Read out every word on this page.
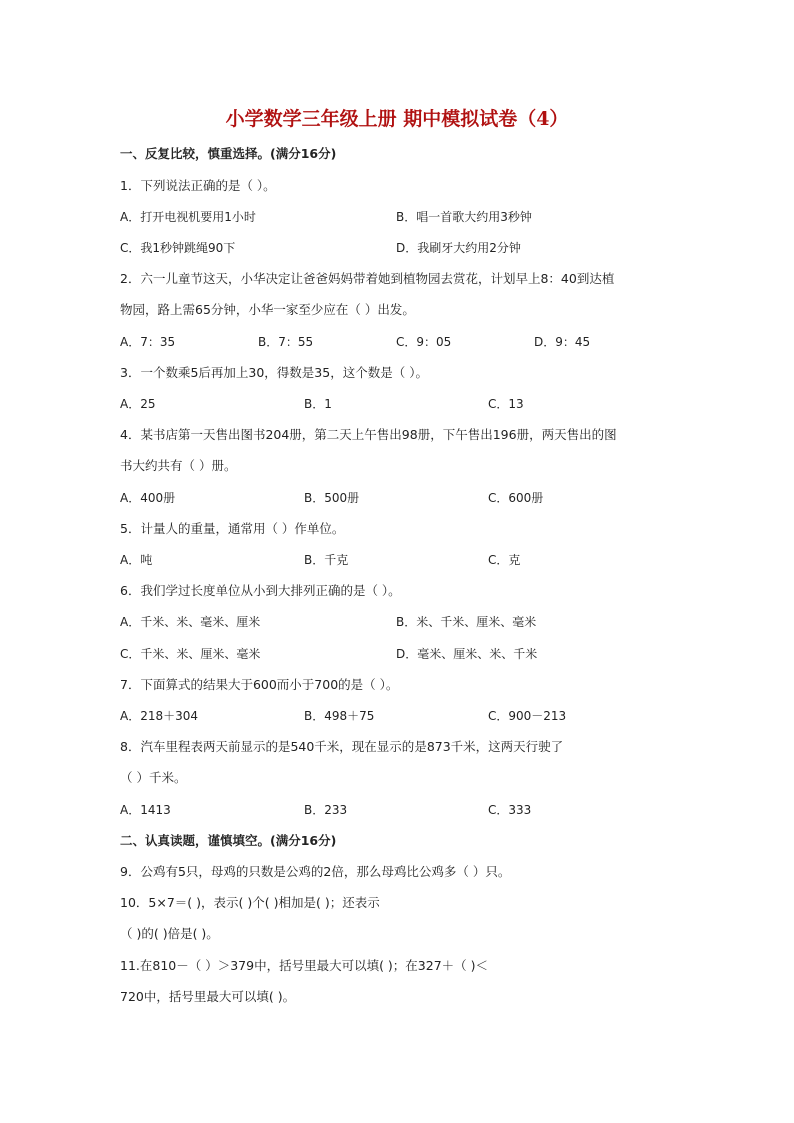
小学数学三年级上册 期中模拟试卷（4）
一、反复比较，慎重选择。(满分16分)
1．下列说法正确的是（ ）。
A．打开电视机要用1小时	B．唱一首歌大约用3秒钟
C．我1秒钟跳绳90下	D．我刷牙大约用2分钟
2．六一儿童节这天，小华决定让爸爸妈妈带着她到植物园去赏花，计划早上8：40到达植
物园，路上需65分钟，小华一家至少应在（ ）出发。
A．7：35	B．7：55	C．9：05	D．9：45
3．一个数乘5后再加上30，得数是35，这个数是（ ）。
A．25	B．1	C．13
4．某书店第一天售出图书204册，第二天上午售出98册，下午售出196册，两天售出的图
书大约共有（ ）册。
A．400册	B．500册	C．600册
5．计量人的重量，通常用（ ）作单位。
A．吨	B．千克	C．克
6．我们学过长度单位从小到大排列正确的是（ ）。
A．千米、米、毫米、厘米	B．米、千米、厘米、毫米
C．千米、米、厘米、毫米	D．毫米、厘米、米、千米
7．下面算式的结果大于600而小于700的是（ ）。
A．218＋304	B．498＋75	C．900－213
8．汽车里程表两天前显示的是540千米，现在显示的是873千米，这两天行驶了
（ ）千米。
A．1413	B．233	C．333
二、认真读题，谨慎填空。(满分16分)
9．公鸡有5只，母鸡的只数是公鸡的2倍，那么母鸡比公鸡多（ ）只。
10．5×7＝( )，表示( )个( )相加是( )；还表示
（ )的( )倍是( )。
11.在810－（ ）＞379中，括号里最大可以填( )；在327＋（ )＜
720中，括号里最大可以填( )。
